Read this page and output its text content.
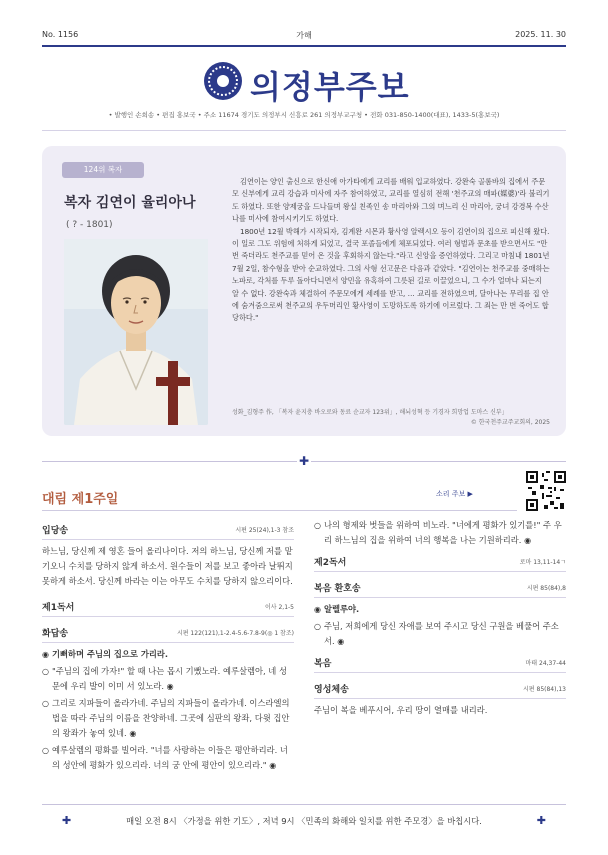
No. 1156	가해	2025. 11. 30
의정부주보
• 발행인 손희송 • 편집 홍보국 • 주소 11674 경기도 의정부시 신흥로 261 의정부교구청 • 전화 031-850-1400(대표), 1433-5(홍보국)
124위 복자
복자 김연이 율리아나
( ? - 1801)

김연이는 양인 출신으로 한신애 아가타에게 교리를 배워 입교하였다. 강완숙 골롬바의 집에서 주문모 신부에게 교리 강습과 미사에 자주 참여하였고, 교리를 열심히 전해 '천주교의 매파(媒婆)'라 불리기도 하였다. 또한 양제궁을 드나들며 왕실 친족인 송 마리아와 그의 며느리 신 마리아, 궁녀 강경복 수산나를 미사에 참여시키기도 하였다.

1800년 12월 박해가 시작되자, 김계완 시몬과 황사영 알렉시오 등이 김연이의 집으로 피신해 왔다. 이 일로 그도 위험에 처하게 되었고, 결국 포졸들에게 체포되었다. 여러 형벌과 문초를 받으면서도 "만 번 죽더라도 천주교를 믿어 온 것을 후회하지 않는다."라고 신앙을 증언하였다. 그리고 마침내 1801년 7월 2일, 참수형을 받아 순교하였다. 그의 사형 선고문은 다음과 같았다. "김연이는 천주교를 중매하는 노파로, 각처를 두루 돌아다니면서 양민을 유혹하여 그릇된 길로 이끌었으니, 그 수가 얼마나 되는지 알 수 없다. 강완숙과 체결하여 주문모에게 세례를 받고, … 교리를 전하였으며, 달아나는 무리를 집 안에 숨겨줌으로써 천주교의 우두머리인 황사영이 도망하도록 하기에 이르렀다. 그 죄는 만 번 죽어도 합당하다."

성화_김형주 作, 「복자 윤지충 바오로와 동료 순교자 123위」, 해뇌성혁 등 기경자 희망업 도마스 신부」
© 한국천주교주교회의, 2025
✚
대림 제1주일	소리 주보 ▶
입당송	시편 25(24),1-3 참조
하느님, 당신께 제 영혼 들어 올리나이다. 저의 하느님, 당신께 저를 맡기오니 수치를 당하지 않게 하소서. 원수들이 저를 보고 좋아라 날뛰지 못하게 하소서. 당신께 바라는 이는 아무도 수치를 당하지 않으리이다.
제1독서	이사 2,1-5
화답송	시편 122(121),1-2.4-5.6-7.8-9(◎ 1 참조)
◉ 기뻐하며 주님의 집으로 가리라.
○ "주님의 집에 가자!" 할 때 나는 몹시 기뻤노라. 예루살렘아, 네 성문에 우리 발이 이미 서 있노라. ◉
○ 그리로 지파들이 올라가네. 주님의 지파들이 올라가네. 이스라엘의 법을 따라 주님의 이름을 찬양하네. 그곳에 심판의 왕좌, 다윗 집안의 왕좌가 놓여 있네. ◉
○ 예루살렘의 평화를 빌어라. "너를 사랑하는 이들은 평안하리라. 너의 성안에 평화가 있으리라. 너의 궁 안에 평안이 있으리라." ◉
○ 나의 형제와 벗들을 위하여 비노라. "너에게 평화가 있기를!" 주 우리 하느님의 집을 위하여 너의 행복을 나는 기원하리라. ◉
제2독서	로마 13,11-14ㄱ
복음 환호송	시편 85(84),8
◉ 알렐루야.
○ 주님, 저희에게 당신 자애를 보여 주시고 당신 구원을 베풀어 주소서. ◉
복음	마태 24,37-44
영성체송	시편 85(84),13
주님이 복을 베푸시어, 우리 땅이 열매를 내리라.
✚	매일 오전 8시 〈가정을 위한 기도〉, 저녁 9시 〈민족의 화해와 일치를 위한 주모경〉을 바칩시다.	✚
